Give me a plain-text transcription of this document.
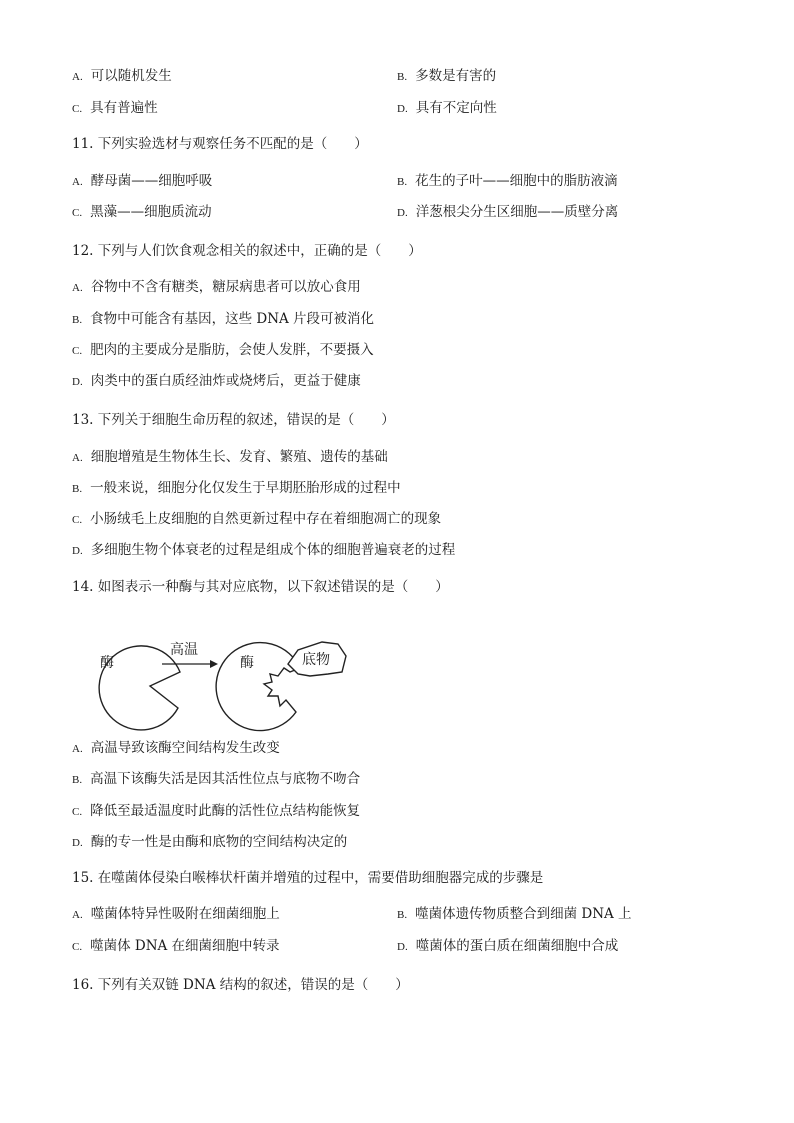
A. 可以随机发生	B. 多数是有害的
C. 具有普遍性	D. 具有不定向性
11. 下列实验选材与观察任务不匹配的是（　　）
A. 酵母菌——细胞呼吸	B. 花生的子叶——细胞中的脂肪液滴
C. 黑藻——细胞质流动	D. 洋葱根尖分生区细胞——质壁分离
12. 下列与人们饮食观念相关的叙述中，正确的是（　　）
A. 谷物中不含有糖类，糖尿病患者可以放心食用
B. 食物中可能含有基因，这些 DNA 片段可被消化
C. 肥肉的主要成分是脂肪，会使人发胖，不要摄入
D. 肉类中的蛋白质经油炸或烧烤后，更益于健康
13. 下列关于细胞生命历程的叙述，错误的是（　　）
A. 细胞增殖是生物体生长、发育、繁殖、遗传的基础
B. 一般来说，细胞分化仅发生于早期胚胎形成的过程中
C. 小肠绒毛上皮细胞的自然更新过程中存在着细胞凋亡的现象
D. 多细胞生物个体衰老的过程是组成个体的细胞普遍衰老的过程
14. 如图表示一种酶与其对应底物，以下叙述错误的是（　　）
酶
高温
酶	底物
A. 高温导致该酶空间结构发生改变
B. 高温下该酶失活是因其活性位点与底物不吻合
C. 降低至最适温度时此酶的活性位点结构能恢复
D. 酶的专一性是由酶和底物的空间结构决定的
15. 在噬菌体侵染白喉棒状杆菌并增殖的过程中，需要借助细胞器完成的步骤是
A. 噬菌体特异性吸附在细菌细胞上	B. 噬菌体遗传物质整合到细菌 DNA 上
C. 噬菌体 DNA 在细菌细胞中转录	D. 噬菌体的蛋白质在细菌细胞中合成
16. 下列有关双链 DNA 结构的叙述，错误的是（　　）
